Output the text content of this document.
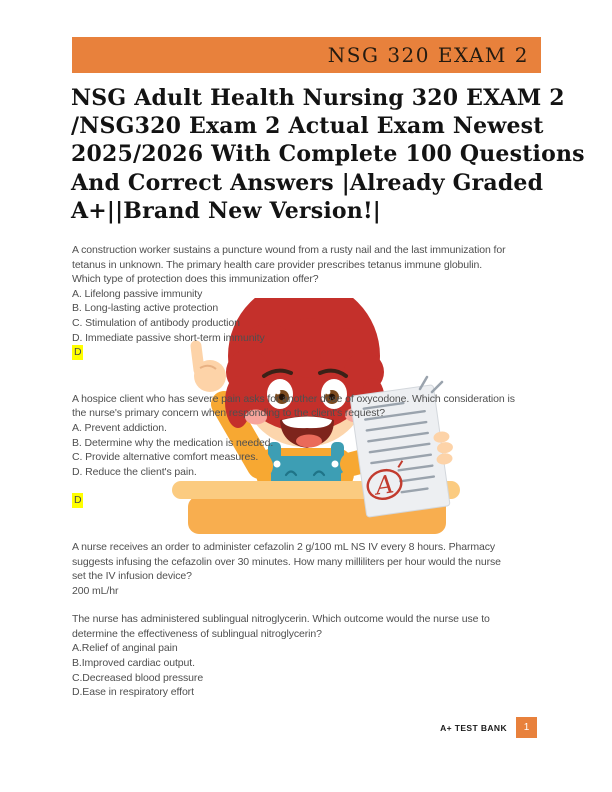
A
NSG 320 EXAM 2
NSG Adult Health Nursing 320 EXAM 2
/NSG320 Exam 2 Actual Exam Newest
2025/2026 With Complete 100 Questions
And Correct Answers |Already Graded
A+||Brand New Version!|
A construction worker sustains a puncture wound from a rusty nail and the last immunization for
tetanus in unknown. The primary health care provider prescribes tetanus immune globulin.
Which type of protection does this immunization offer?
A. Lifelong passive immunity
B. Long-lasting active protection
C. Stimulation of antibody production
D. Immediate passive short-term immunity
D
A hospice client who has severe pain asks for another dose of oxycodone. Which consideration is
the nurse's primary concern when responding to the client's request?
A. Prevent addiction.
B. Determine why the medication is needed.
C. Provide alternative comfort measures.
D. Reduce the client's pain.
D
A nurse receives an order to administer cefazolin 2 g/100 mL NS IV every 8 hours. Pharmacy
suggests infusing the cefazolin over 30 minutes. How many milliliters per hour would the nurse
set the IV infusion device?
200 mL/hr
The nurse has administered sublingual nitroglycerin. Which outcome would the nurse use to
determine the effectiveness of sublingual nitroglycerin?
A.Relief of anginal pain
B.Improved cardiac output.
C.Decreased blood pressure
D.Ease in respiratory effort
A+ TEST BANK	1
